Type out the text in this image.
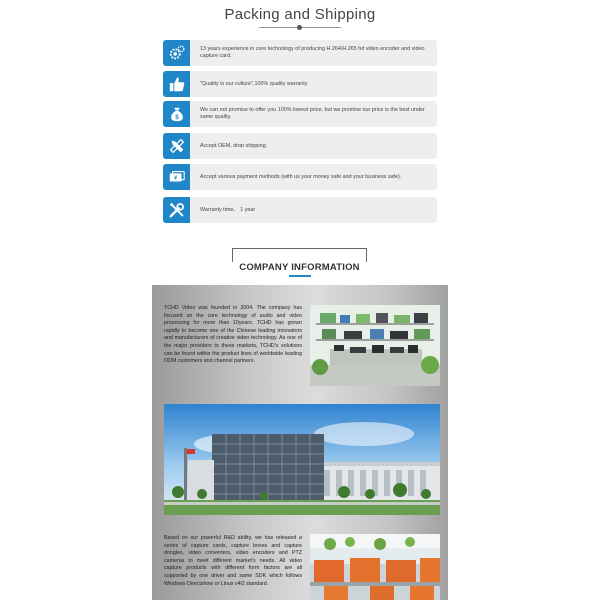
Packing and Shipping
13 years experience in core technology of producing H.264/H.265 hd video encoder and video capture card.
"Quality is our culture",100% quality warranty
$
We can not promise to offer you 100% lowest price, but we promise our price is the best under same quality.
Accept OEM, drop shipping.
¥	Accept various payment methods (with us your money safe and your business safe).
Warranty time、 1 year
COMPANY INFORMATION
TCHD Video was founded in 2004. The company has focused on the core technology of audio and video processing for more than 10years. TCHD has grown rapidly to become one of the Chinese leading innovators and manufacturers of creative video technology. As one of the major providers to these markets, TCHD's solutions can be found within the product lines of worldwide leading ODM customers and channel partners.
Based on our powerful R&D ability, we has released a series of capture cards, capture boxes and capture dongles, video converters, video encoders and PTZ cameras to meet different market's needs. All video capture products with different form factors are all supported by one driver and same SDK which follows Windows Directshow or Linux v4l2 standard.
